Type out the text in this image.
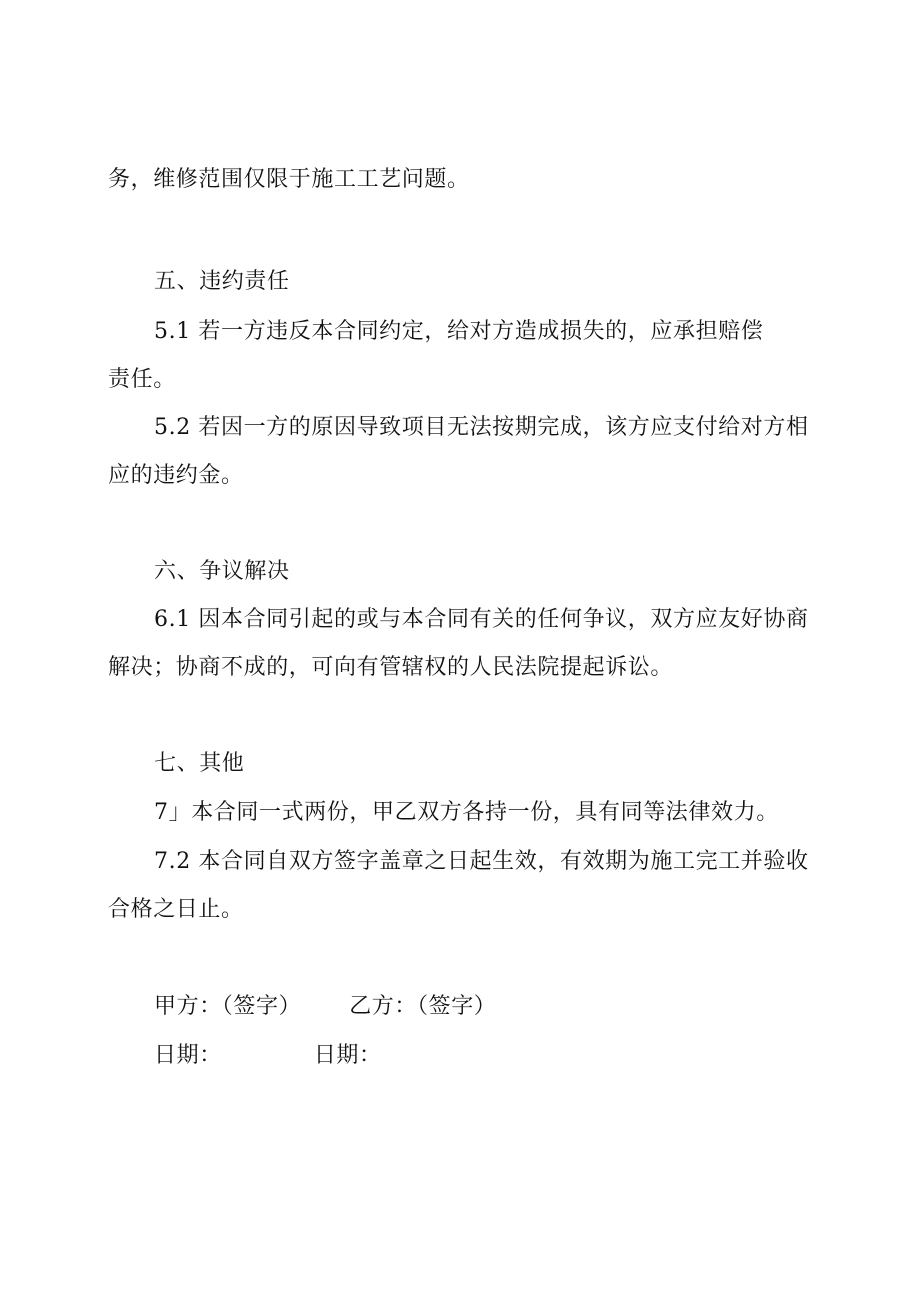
务，维修范围仅限于施工工艺问题。
五、违约责任
5.1 若一方违反本合同约定，给对方造成损失的，应承担赔偿
责任。
5.2 若因一方的原因导致项目无法按期完成，该方应支付给对方相
应的违约金。
六、争议解决
6.1 因本合同引起的或与本合同有关的任何争议，双方应友好协商
解决；协商不成的，可向有管辖权的人民法院提起诉讼。
七、其他
7」本合同一式两份，甲乙双方各持一份，具有同等法律效力。
7.2 本合同自双方签字盖章之日起生效，有效期为施工完工并验收
合格之日止。
甲方：（签字） 乙方：（签字）
日期：	日期：
